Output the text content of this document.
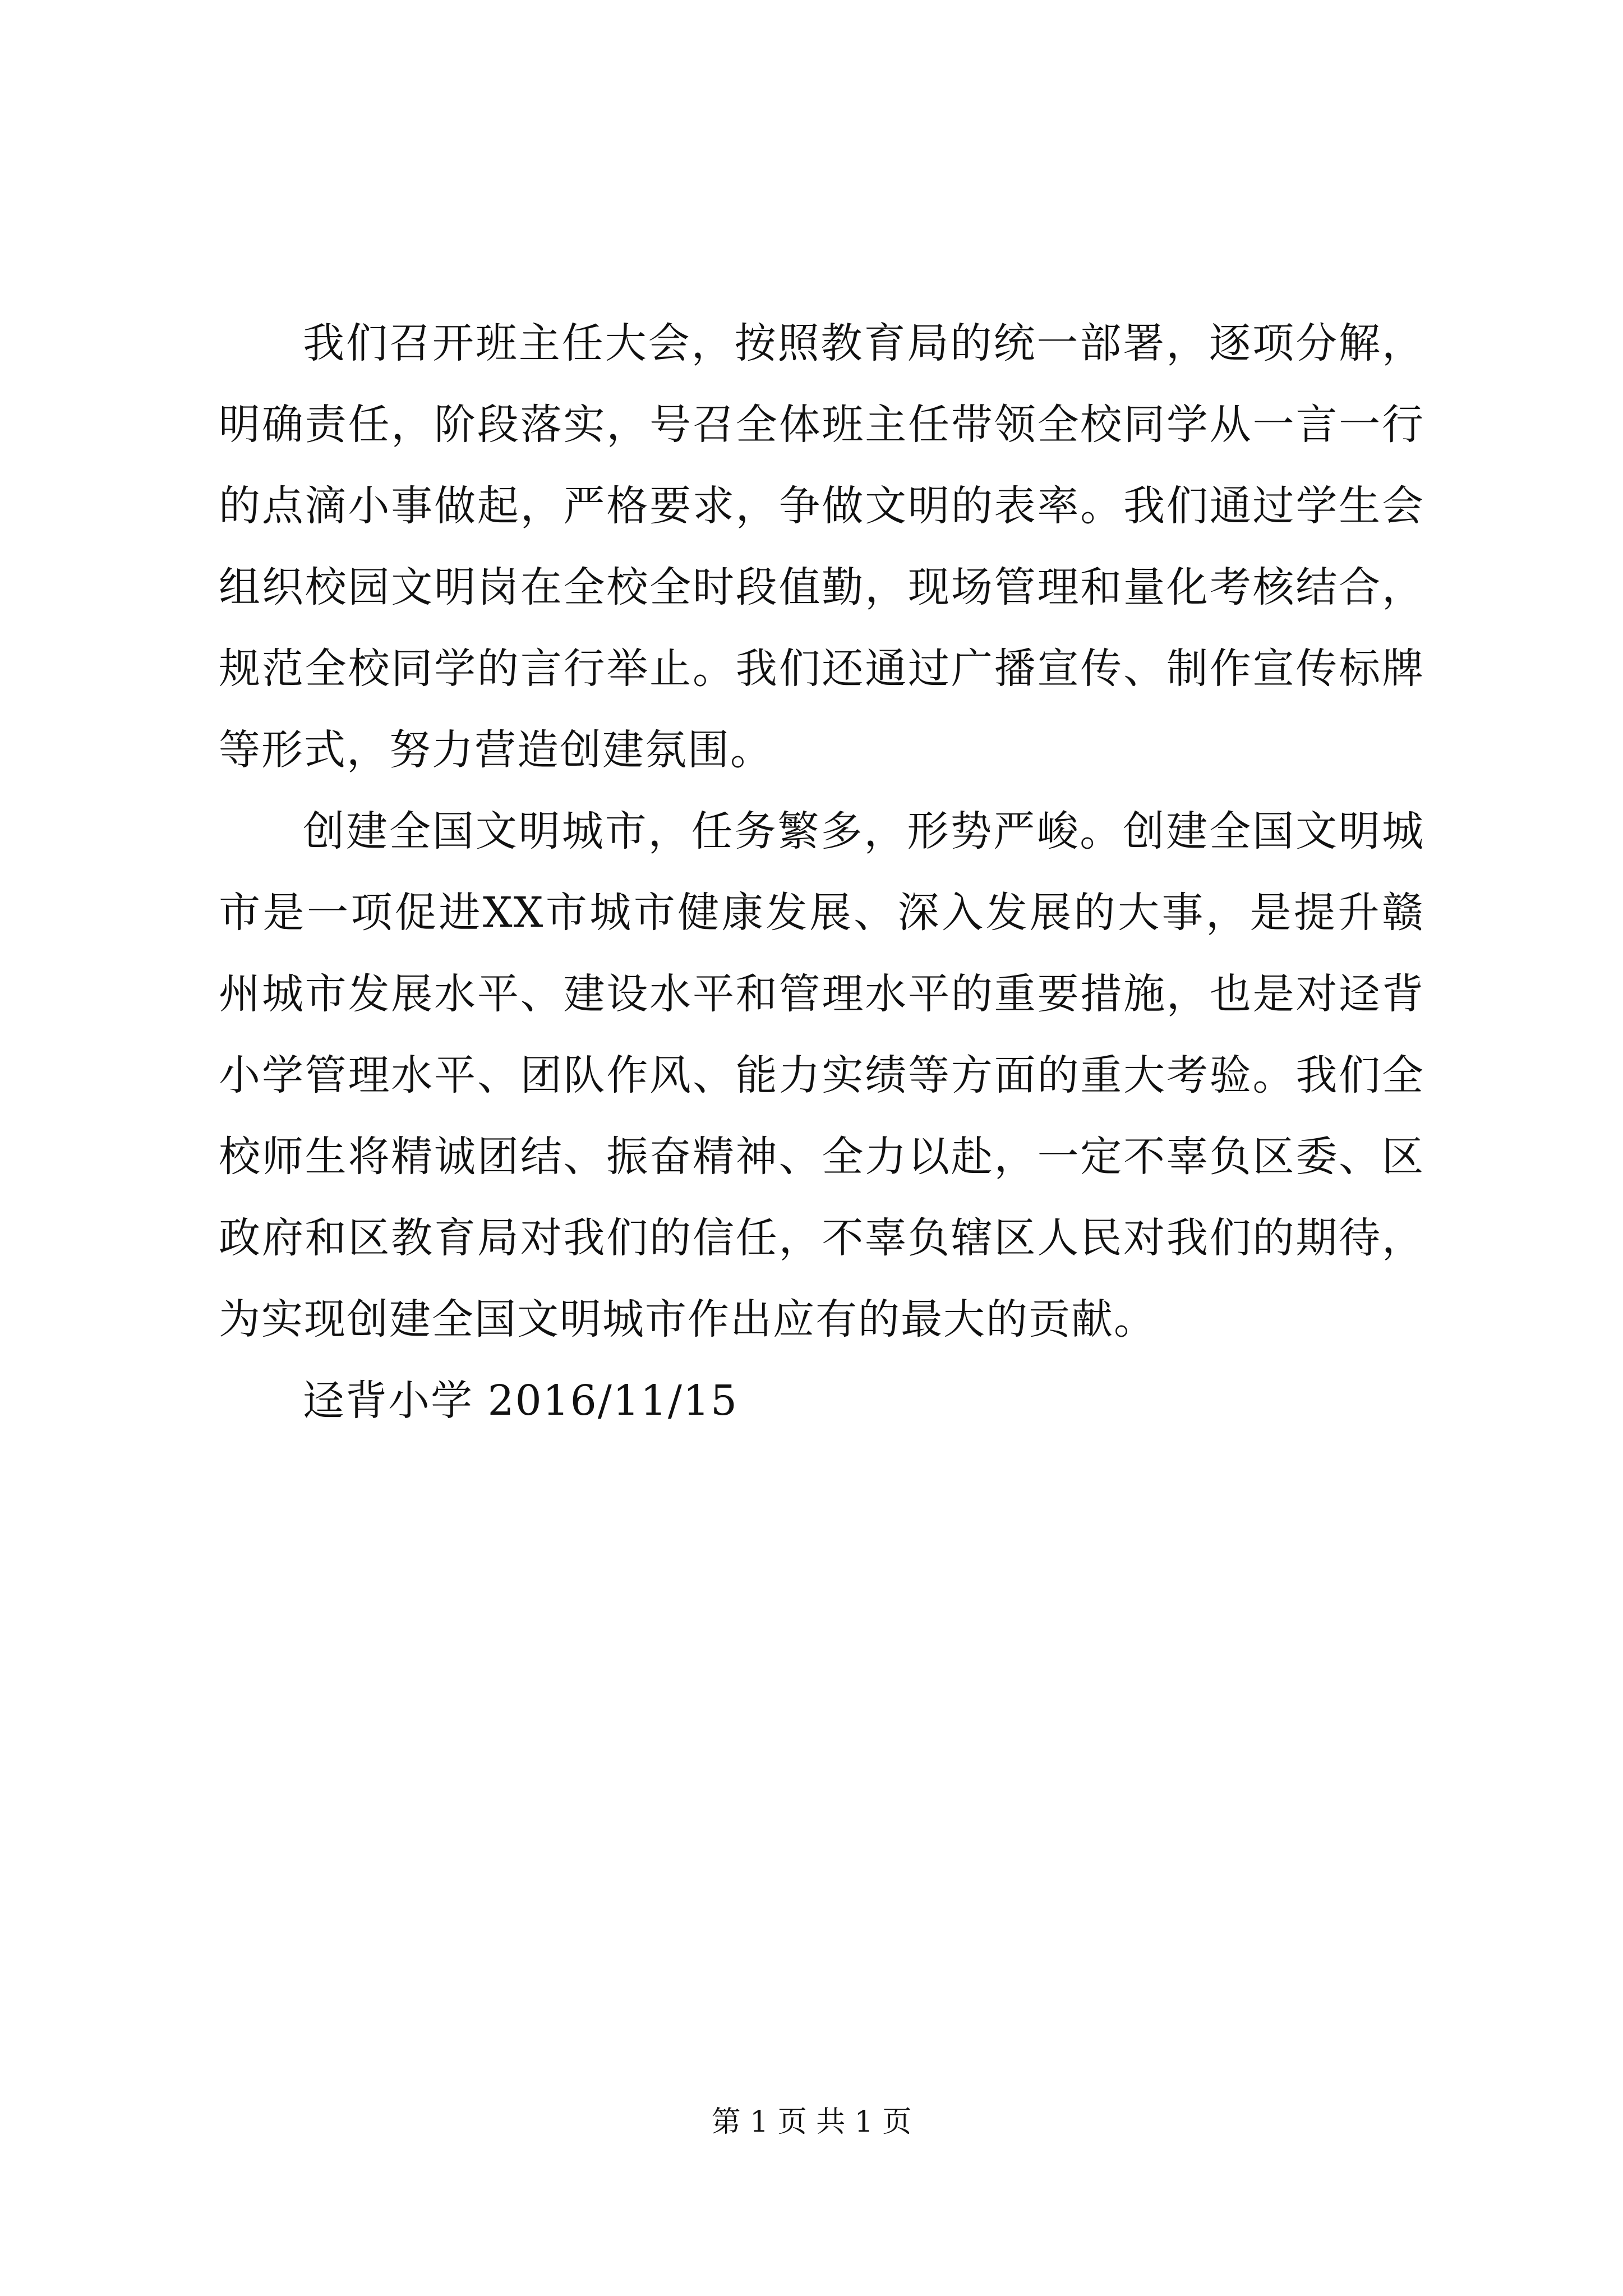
我们召开班主任大会，按照教育局的统一部署，逐项分解，明确责任，阶段落实，号召全体班主任带领全校同学从一言一行的点滴小事做起，严格要求，争做文明的表率。我们通过学生会组织校园文明岗在全校全时段值勤，现场管理和量化考核结合，规范全校同学的言行举止。我们还通过广播宣传、制作宣传标牌等形式，努力营造创建氛围。

创建全国文明城市，任务繁多，形势严峻。创建全国文明城市是一项促进XX市城市健康发展、深入发展的大事，是提升赣州城市发展水平、建设水平和管理水平的重要措施，也是对迳背小学管理水平、团队作风、能力实绩等方面的重大考验。我们全校师生将精诚团结、振奋精神、全力以赴，一定不辜负区委、区政府和区教育局对我们的信任，不辜负辖区人民对我们的期待，为实现创建全国文明城市作出应有的最大的贡献。

迳背小学 2016/11/15

第 1 页 共 1 页
